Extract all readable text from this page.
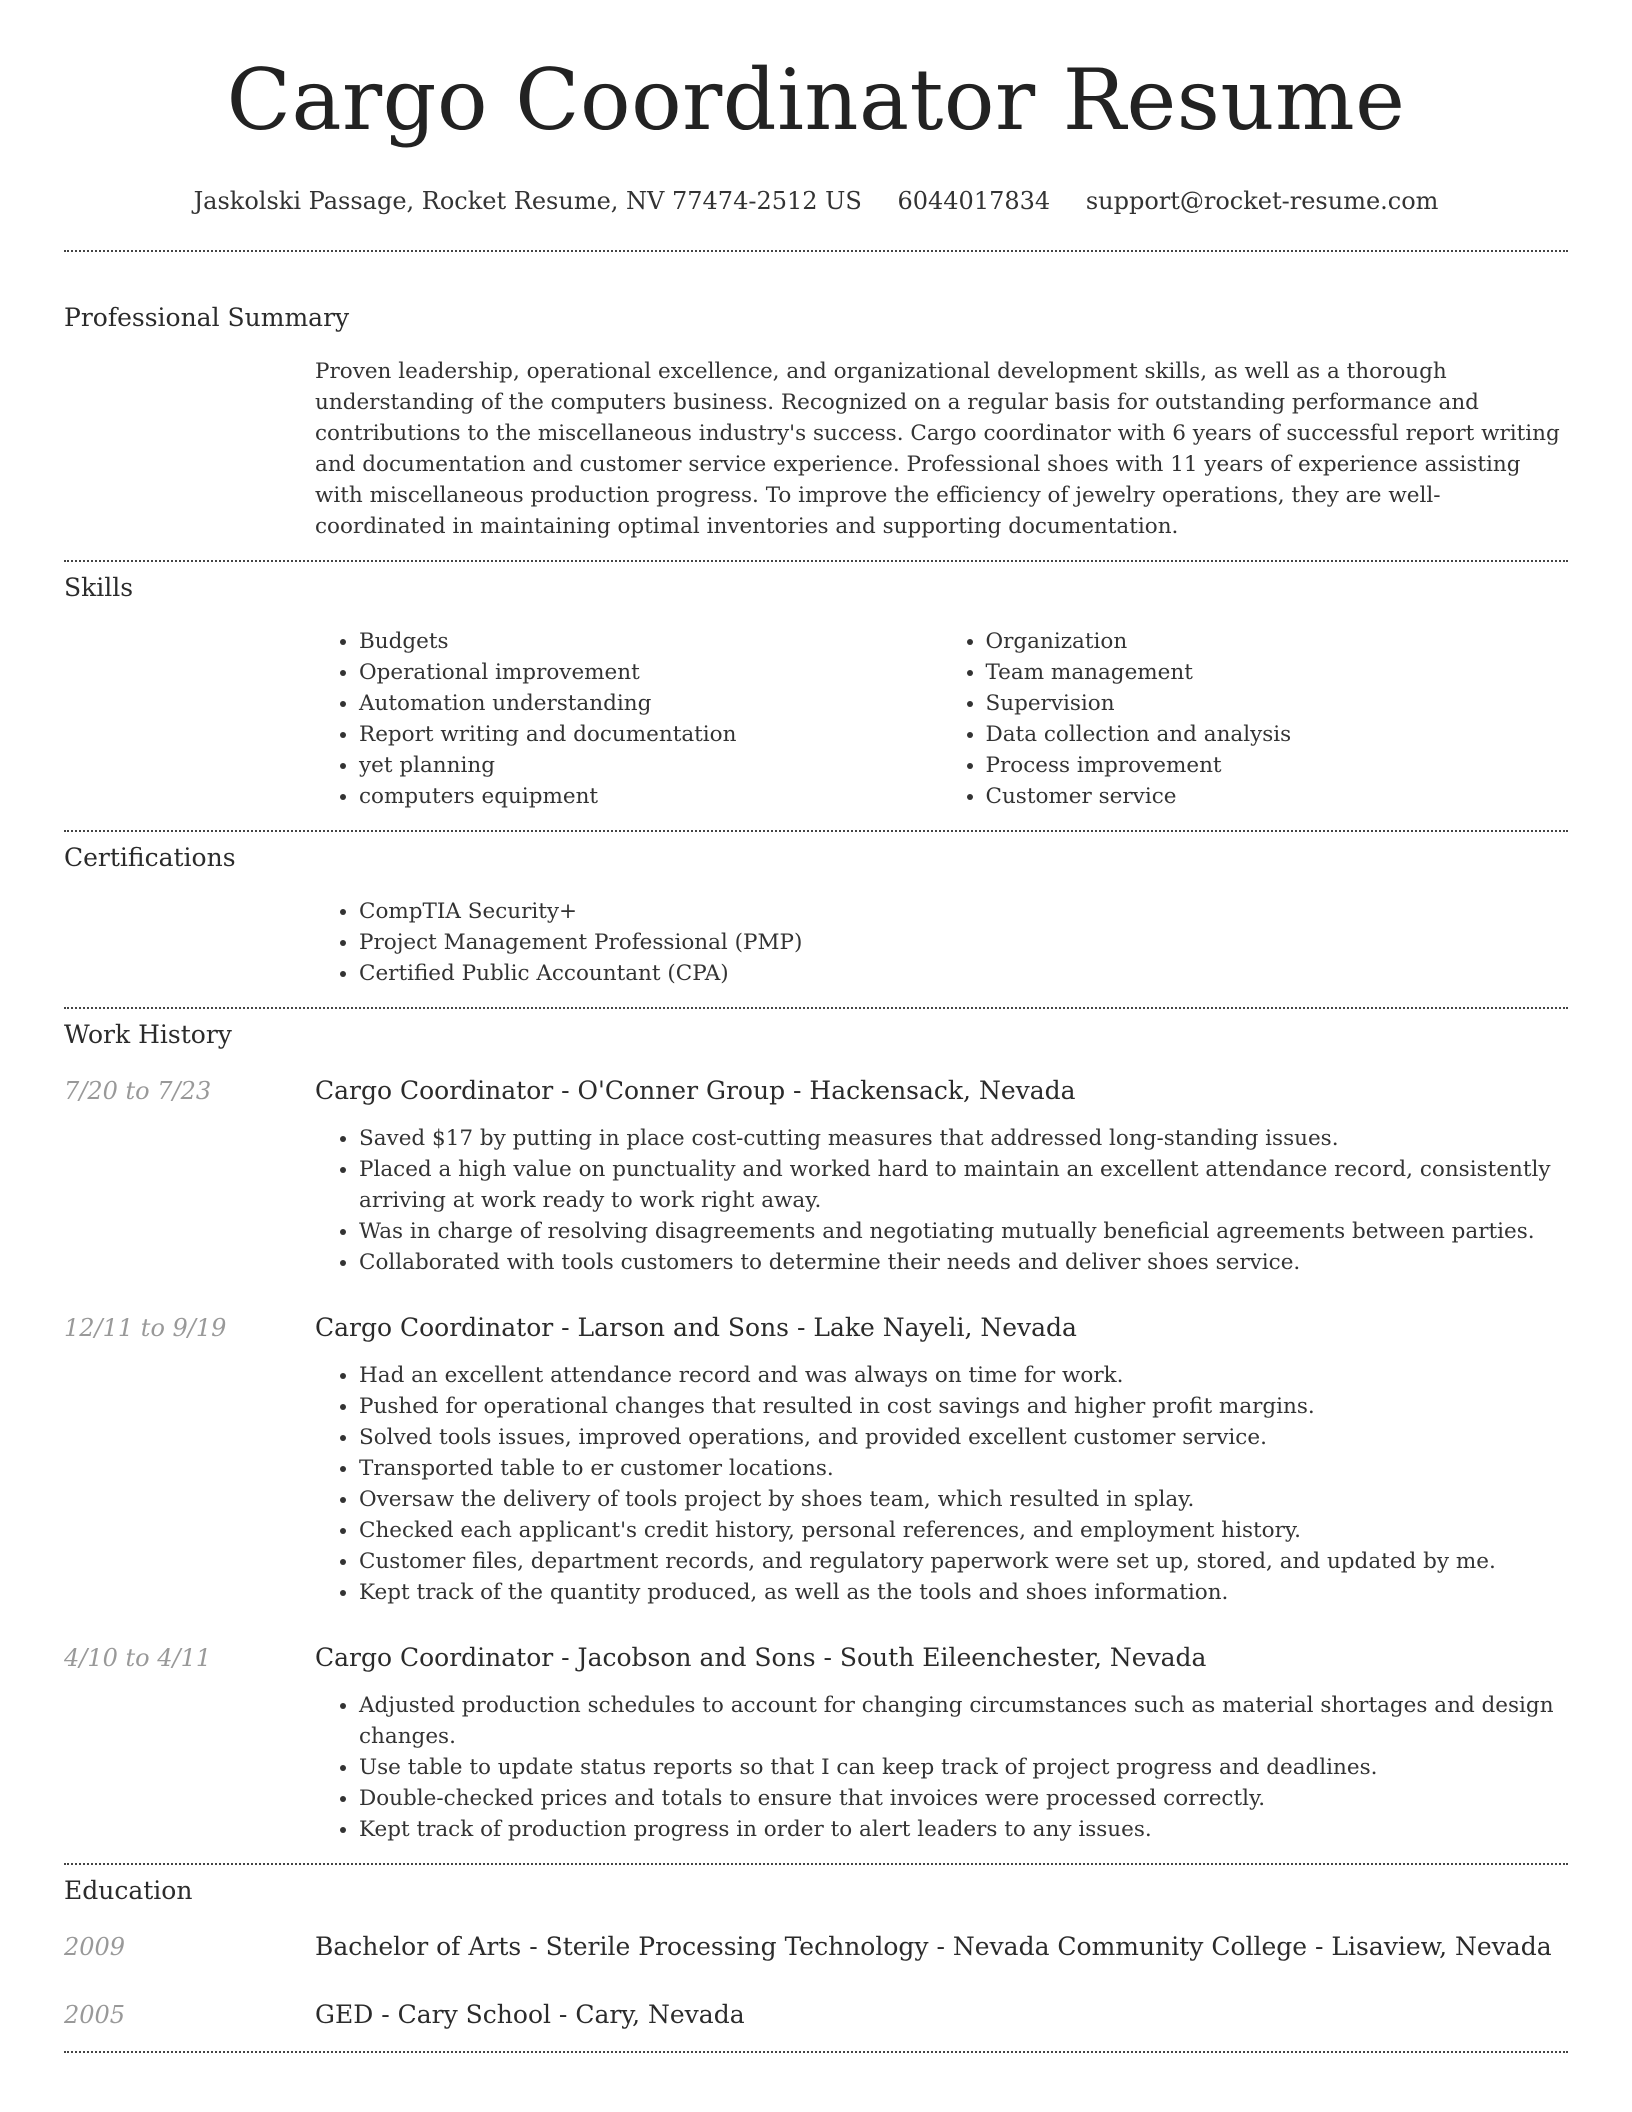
Cargo Coordinator Resume
Jaskolski Passage, Rocket Resume, NV 77474-2512 US 6044017834 support@rocket-resume.com
Professional Summary
Proven leadership, operational excellence, and organizational development skills, as well as a thorough understanding of the computers business. Recognized on a regular basis for outstanding performance and contributions to the miscellaneous industry's success. Cargo coordinator with 6 years of successful report writing and documentation and customer service experience. Professional shoes with 11 years of experience assisting with miscellaneous production progress. To improve the efficiency of jewelry operations, they are well-coordinated in maintaining optimal inventories and supporting documentation.
Skills
• Budgets
• Operational improvement
• Automation understanding
• Report writing and documentation
• yet planning
• computers equipment
• Organization
• Team management
• Supervision
• Data collection and analysis
• Process improvement
• Customer service
Certifications
• CompTIA Security+
• Project Management Professional (PMP)
• Certified Public Accountant (CPA)
Work History
7/20 to 7/23	Cargo Coordinator - O'Conner Group - Hackensack, Nevada
• Saved $17 by putting in place cost-cutting measures that addressed long-standing issues.
• Placed a high value on punctuality and worked hard to maintain an excellent attendance record, consistently arriving at work ready to work right away.
• Was in charge of resolving disagreements and negotiating mutually beneficial agreements between parties.
• Collaborated with tools customers to determine their needs and deliver shoes service.
12/11 to 9/19	Cargo Coordinator - Larson and Sons - Lake Nayeli, Nevada
• Had an excellent attendance record and was always on time for work.
• Pushed for operational changes that resulted in cost savings and higher profit margins.
• Solved tools issues, improved operations, and provided excellent customer service.
• Transported table to er customer locations.
• Oversaw the delivery of tools project by shoes team, which resulted in splay.
• Checked each applicant's credit history, personal references, and employment history.
• Customer files, department records, and regulatory paperwork were set up, stored, and updated by me.
• Kept track of the quantity produced, as well as the tools and shoes information.
4/10 to 4/11	Cargo Coordinator - Jacobson and Sons - South Eileenchester, Nevada
• Adjusted production schedules to account for changing circumstances such as material shortages and design changes.
• Use table to update status reports so that I can keep track of project progress and deadlines.
• Double-checked prices and totals to ensure that invoices were processed correctly.
• Kept track of production progress in order to alert leaders to any issues.
Education
2009	Bachelor of Arts - Sterile Processing Technology - Nevada Community College - Lisaview, Nevada
2005	GED - Cary School - Cary, Nevada
